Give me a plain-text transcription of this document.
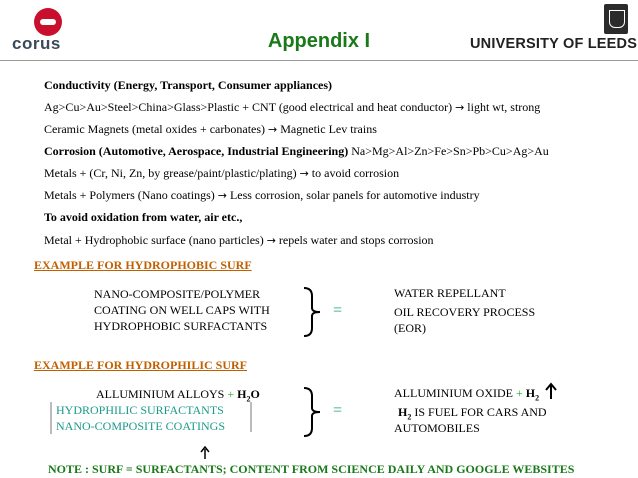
corus	Appendix I	UNIVERSITY OF LEEDS
Conductivity (Energy, Transport, Consumer appliances)
Ag>Cu>Au>Steel>China>Glass>Plastic + CNT (good electrical and heat conductor) → light wt, strong
Ceramic Magnets (metal oxides + carbonates) → Magnetic Lev trains
Corrosion (Automotive, Aerospace, Industrial Engineering) Na>Mg>Al>Zn>Fe>Sn>Pb>Cu>Ag>Au
Metals + (Cr, Ni, Zn, by grease/paint/plastic/plating) → to avoid corrosion
Metals + Polymers (Nano coatings) → Less corrosion, solar panels for automotive industry
To avoid oxidation from water, air etc.,
Metal + Hydrophobic surface (nano particles) → repels water and stops corrosion
EXAMPLE FOR HYDROPHOBIC SURF
NANO-COMPOSITE/POLYMER
COATING ON WELL CAPS WITH
HYDROPHOBIC SURFACTANTS
=
WATER REPELLANT
OIL RECOVERY PROCESS
(EOR)
EXAMPLE FOR HYDROPHILIC SURF
ALLUMINIUM ALLOYS + $H_2O$
HYDROPHILIC SURFACTANTS
NANO-COMPOSITE COATINGS
=
ALLUMINIUM OXIDE + $H_2$
$H_2$ IS FUEL FOR CARS AND
AUTOMOBILES
NOTE : SURF = SURFACTANTS; CONTENT FROM SCIENCE DAILY AND GOOGLE WEBSITES
